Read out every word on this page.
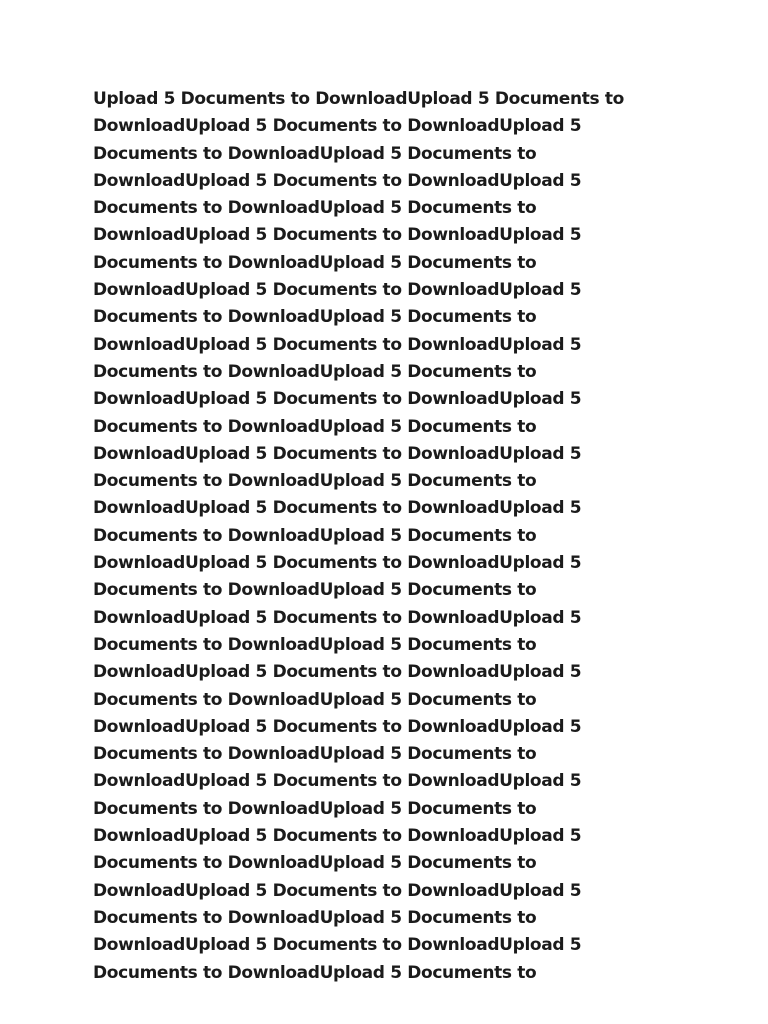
Upload 5 Documents to DownloadUpload 5 Documents to
DownloadUpload 5 Documents to DownloadUpload 5
Documents to DownloadUpload 5 Documents to
DownloadUpload 5 Documents to DownloadUpload 5
Documents to DownloadUpload 5 Documents to
DownloadUpload 5 Documents to DownloadUpload 5
Documents to DownloadUpload 5 Documents to
DownloadUpload 5 Documents to DownloadUpload 5
Documents to DownloadUpload 5 Documents to
DownloadUpload 5 Documents to DownloadUpload 5
Documents to DownloadUpload 5 Documents to
DownloadUpload 5 Documents to DownloadUpload 5
Documents to DownloadUpload 5 Documents to
DownloadUpload 5 Documents to DownloadUpload 5
Documents to DownloadUpload 5 Documents to
DownloadUpload 5 Documents to DownloadUpload 5
Documents to DownloadUpload 5 Documents to
DownloadUpload 5 Documents to DownloadUpload 5
Documents to DownloadUpload 5 Documents to
DownloadUpload 5 Documents to DownloadUpload 5
Documents to DownloadUpload 5 Documents to
DownloadUpload 5 Documents to DownloadUpload 5
Documents to DownloadUpload 5 Documents to
DownloadUpload 5 Documents to DownloadUpload 5
Documents to DownloadUpload 5 Documents to
DownloadUpload 5 Documents to DownloadUpload 5
Documents to DownloadUpload 5 Documents to
DownloadUpload 5 Documents to DownloadUpload 5
Documents to DownloadUpload 5 Documents to
DownloadUpload 5 Documents to DownloadUpload 5
Documents to DownloadUpload 5 Documents to
DownloadUpload 5 Documents to DownloadUpload 5
Documents to DownloadUpload 5 Documents to
